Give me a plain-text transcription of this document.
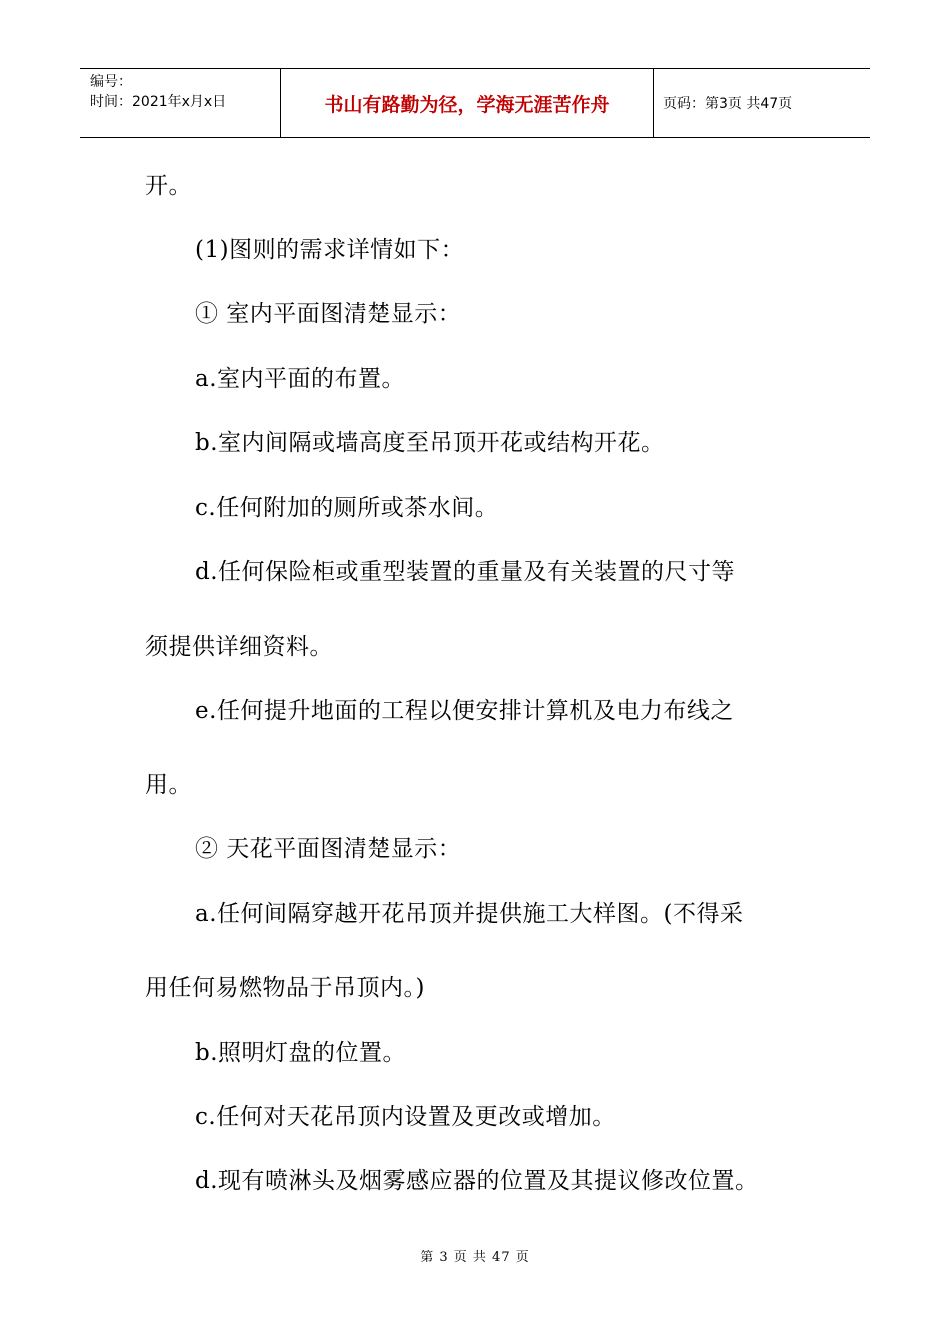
编号：
时间：2021年x月x日	书山有路勤为径，学海无涯苦作舟	页码：第3页 共47页
开。
(1)图则的需求详情如下：
① 室内平面图清楚显示：
a.室内平面的布置。
b.室内间隔或墙高度至吊顶开花或结构开花。
c.任何附加的厕所或茶水间。
d.任何保险柜或重型装置的重量及有关装置的尺寸等
须提供详细资料。
e.任何提升地面的工程以便安排计算机及电力布线之
用。
② 天花平面图清楚显示：
a.任何间隔穿越开花吊顶并提供施工大样图。(不得采
用任何易燃物品于吊顶内。)
b.照明灯盘的位置。
c.任何对天花吊顶内设置及更改或增加。
d.现有喷淋头及烟雾感应器的位置及其提议修改位置。
第 3 页 共 47 页
